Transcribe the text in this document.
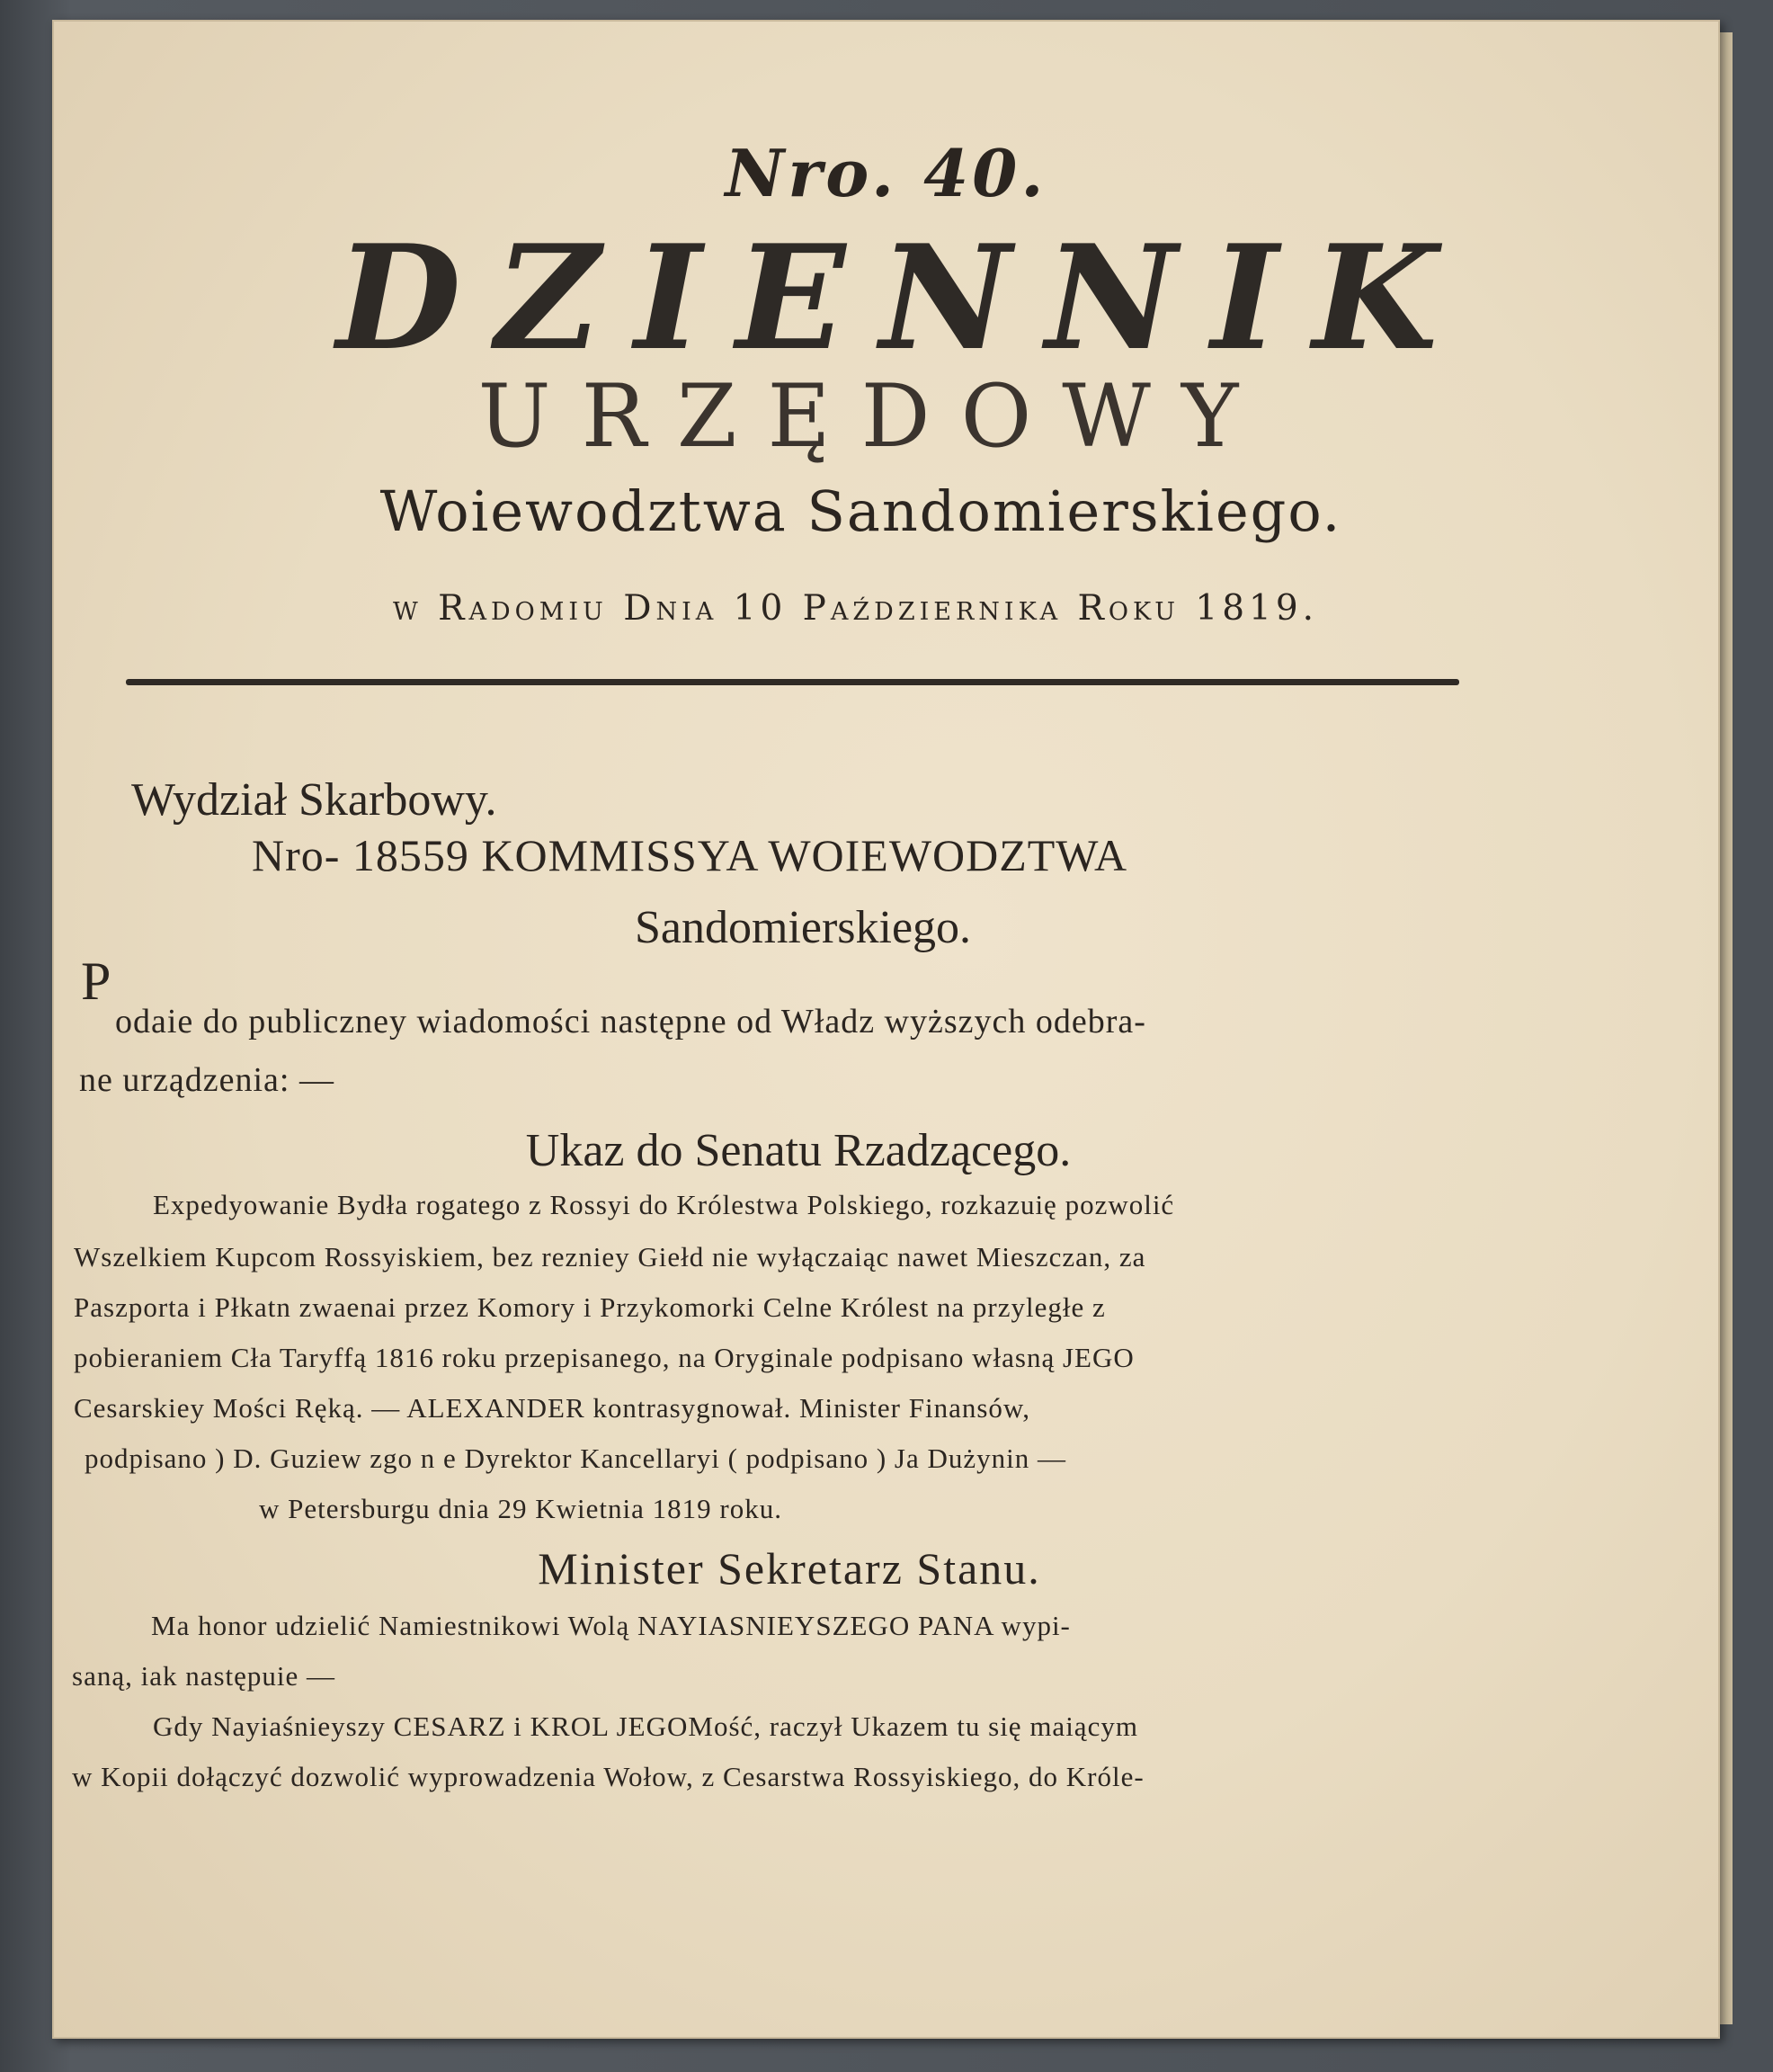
Nro. 40.
DZIENNIK
URZĘDOWY
Woiewodztwa Sandomierskiego.
w Radomiu Dnia 10 Października Roku 1819.
Wydział Skarbowy.
Nro- 18559 KOMMISSYA WOIEWODZTWA
Sandomierskiego.
P
odaie do publiczney wiadomości następne od Władz wyższych odebra-
ne urządzenia: —
Ukaz do Senatu Rzadzącego.
Expedyowanie Bydła rogatego z Rossyi do Królestwa Polskiego, rozkazuię pozwolić
Wszelkiem Kupcom Rossyiskiem, bez rezniey Giełd nie wyłączaiąc nawet Mieszczan, za
Paszporta i Płkatn zwaenai przez Komory i Przykomorki Celne Królest na przyległe z
pobieraniem Cła Taryffą 1816 roku przepisanego, na Oryginale podpisano własną JEGO
Cesarskiey Mości Ręką. — ALEXANDER kontrasygnował. Minister Finansów,
podpisano ) D. Guziew zgo n e Dyrektor Kancellaryi ( podpisano ) Ja Dużynin —
w Petersburgu dnia 29 Kwietnia 1819 roku.
Minister Sekretarz Stanu.
Ma honor udzielić Namiestnikowi Wolą NAYIASNIEYSZEGO PANA wypi-
saną, iak następuie —
Gdy Nayiaśnieyszy CESARZ i KROL JEGOMość, raczył Ukazem tu się maiącym
w Kopii dołączyć dozwolić wyprowadzenia Wołow, z Cesarstwa Rossyiskiego, do Króle-
